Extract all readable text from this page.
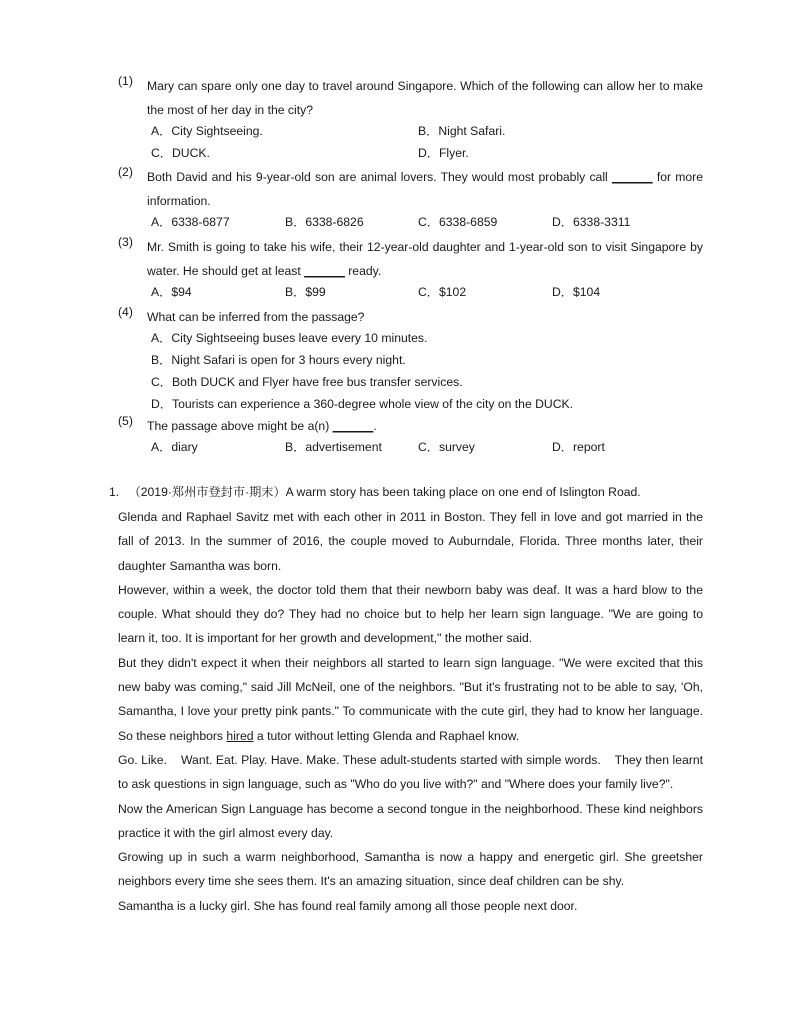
(1) Mary can spare only one day to travel around Singapore. Which of the following can allow her to make the most of her day in the city?
A．City Sightseeing.	B．Night Safari.
C．DUCK.	D．Flyer.
(2) Both David and his 9-year-old son are animal lovers. They would most probably call ______ for more information.
A．6338-6877	B．6338-6826	C．6338-6859	D．6338-3311
(3) Mr. Smith is going to take his wife, their 12-year-old daughter and 1-year-old son to visit Singapore by water. He should get at least ______ ready.
A．$94	B．$99	C．$102	D．$104
(4) What can be inferred from the passage?
A．City Sightseeing buses leave every 10 minutes.
B．Night Safari is open for 3 hours every night.
C．Both DUCK and Flyer have free bus transfer services.
D．Tourists can experience a 360-degree whole view of the city on the DUCK.
(5) The passage above might be a(n) ______.
A．diary	B．advertisement	C．survey	D．report
1. （2019·郑州市登封市·期末）A warm story has been taking place on one end of Islington Road.

Glenda and Raphael Savitz met with each other in 2011 in Boston. They fell in love and got married in the fall of 2013. In the summer of 2016, the couple moved to Auburndale, Florida. Three months later, their daughter Samantha was born.

However, within a week, the doctor told them that their newborn baby was deaf. It was a hard blow to the couple. What should they do? They had no choice but to help her learn sign language. "We are going to learn it, too. It is important for her growth and development," the mother said.

But they didn't expect it when their neighbors all started to learn sign language. "We were excited that this new baby was coming," said Jill McNeil, one of the neighbors. "But it's frustrating not to be able to say, 'Oh, Samantha, I love your pretty pink pants." To communicate with the cute girl, they had to know her language. So these neighbors hired a tutor without letting Glenda and Raphael know.

Go. Like.    Want. Eat. Play. Have. Make. These adult-students started with simple words.    They then learnt to ask questions in sign language, such as "Who do you live with?" and "Where does your family live?".

Now the American Sign Language has become a second tongue in the neighborhood. These kind neighbors practice it with the girl almost every day.

Growing up in such a warm neighborhood, Samantha is now a happy and energetic girl. She greetsher neighbors every time she sees them. It's an amazing situation, since deaf children can be shy.

Samantha is a lucky girl. She has found real family among all those people next door.
